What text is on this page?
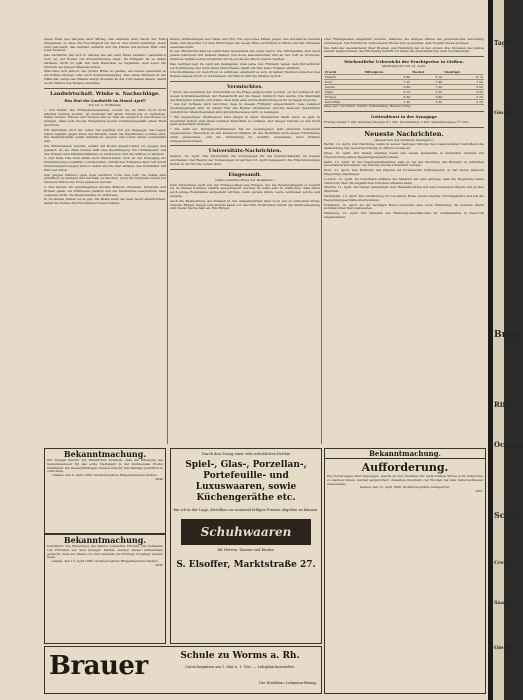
einen Theil des Sargens über Mittag, den anderen über Nacht der Erde übergeben, so dass die Feuchtigkeit bis tief in den Grund eindringt. Dann wird gelockert, das Unkraut entfernt und die Fläche mit kurzem Mist oder Laub bedeckt.
Das Verfahren hat sich in Gärten wie auf dem Felde bewährt, namentlich dort, wo der Boden zur Krustenbildung neigt. Im Frühjahr ist es daher rathsam, nicht zu spät mit dem Behacken zu beginnen, weil sonst die Wurzeln der jungen Pflanzen leiden.
Man hüte sich jedoch, bei großer Hitze zu gießen; am besten geschieht es am frühen Morgen oder nach Sonnenuntergang. Wer einen Brunnen in der Nähe hat, möge das Wasser einige Stunden an der Luft stehen lassen, damit es die Wärme des Bodens annehme.
Landwirtschaft. Winke u. Nachschläge.
Was thut der Landwirth im Monat April?
Von Dr. A. Hoffmann.
1. Die Felder. Die Frühjahrsbestellung, soweit sie im März noch nicht erledigt werden konnte, ist nunmehr mit allem Nachdruck zu betreiben. Hafer, Gerste, Erbsen und Wicken sind so früh als möglich in den Boden zu bringen, denn jede Woche Verspätung kostet erfahrungsgemäß einen Theil der Ernte.
Für Kartoffeln wird der Acker tief gepflügt und gut abgeeggt; das Legen selbst beginnt gegen Ende des Monats, wenn die Nachtfröste vorüber sind. Die Saatkartoffeln sollen mittelgroß, gesund und schon etwas vorgekeimt sein.
Die Wintersaaten werden, sobald der Boden abgetrocknet ist, geeggt und gewalzt; wo sie dünn stehen, hilft eine Kopfdüngung mit Chilisalpeter. Auf den Wiesen sind Maulwurfshaufen zu zerstreuen und die Gräben zu räumen.
2. Der Stall. Das Vieh erhält noch Winterfutter, doch ist der Übergang zur Grünfütterung sorgfältig vorzubereiten. Plötzlicher Futterwechsel ruft leicht Verdauungsstörungen hervor, daher mische man anfangs das Grünfutter mit Heu und Stroh.
Den jungen Kälbern gebe man reichlich Licht und Luft; die Ställe sind gründlich zu reinigen und mit Kalk zu tünchen. Auch die Schweine sollen bei warmem Wetter ins Freie gelassen werden.
3. Der Garten. Im Gemüsegarten werden Möhren, Zwiebeln, Petersilie und Erbsen gesät, die Frühbeete gelüftet und die Obstbäume beschnitten. Man vergesse nicht, die Raupennester zu entfernen.
In trockenen Jahren ist es gut, die Beete nach der Saat leicht anzudrücken, damit die Samen die Feuchtigkeit besser halten.
Kleine Mittheilungen aus Haus und Hof. Ein erprobtes Mittel gegen den Kornwurm besteht darin, den Speicher vor dem Einbringen der neuen Ernte gründlich zu lüften und mit Schwefel auszuräuchern.
In der Milchwirtschaft ist peinlichste Sauberkeit das erste Gebot. Die Milchgefäße sind nach jedem Gebrauch mit heißem Wasser und Soda auszuwaschen und an der Luft zu trocknen; hölzerne Gefäße sollen möglichst durch solche aus Blech ersetzt werden.
Das Geflügel legt im April am fleißigsten; man gebe den Hühnern neben dem Körnerfutter auch Grünzeug und zerstoßene Eierschalen, damit die Eier feste Schalen erhalten.
Um Obstbäume vor dem Frost zu schützen, empfiehlt es sich, in kalten Nächten zwischen den Reihen nasses Stroh zu verbrennen; der Rauch hält die Wärme zurück.
Vermischtes.
* Unter den Gelehrten der Universität ist die Frage aufgeworfen worden, ob der Gebrauch der neuen Schreibmaschinen der Handschrift auf die Dauer Abbruch thun werde. Die Mehrzahl der Befragten äußerte sich dahin, dass man eine solche Befürchtung nicht zu hegen brauche.
* Aus der Schweiz wird berichtet, dass in diesem Frühjahr ungewöhnlich viele Lawinen niedergegangen sind. In einem Thal des Berner Oberlandes wurden mehrere Sennhütten verschüttet; Menschenleben sind glücklicherweise nicht zu beklagen.
* Ein eigenartiger Wettbewerb fand jüngst in einer rheinischen Stadt statt: es galt, in möglichst kurzer Zeit einen Zentner Kartoffeln zu schälen. Der Sieger brachte es auf nicht ganz anderthalb Stunden.
* Die Zahl der Fernsprechteilnehmer hat im vergangenen Jahr abermals bedeutend zugenommen. Besonders in den kleineren Städten ist das Bedürfnis nach dieser Einrichtung stark gewachsen, und die Verwaltung ist bemüht, demselben nach Kräften entgegenzukommen.
Universitäts-Nachrichten.
Gießen, 10. April. Das Verzeichnis der Vorlesungen für das Sommerhalbjahr ist soeben erschienen. Der Beginn der Vorlesungen ist auf den 23. April festgesetzt; die Einschreibungen finden in der Woche vorher statt.
Eingesandt.
(Ohne Verantwortung der Redaktion.)
Dem Vernehmen nach soll der Fußweg längs des Flusses, der bei Spaziergängern so beliebt ist, in diesem Sommer endlich ausgebessert werden. Es wäre sehr zu wünschen, dass dabei auch einige Ruhebänke aufgestellt würden, denn gerade ältere Leute vermissen solche seit langem.
Auch die Beleuchtung der Straßen in den Außenbezirken lässt noch viel zu wünschen übrig; manche Bürger wagen sich abends kaum vor die Thür. Hoffentlich nimmt die Stadtverwaltung sich dieser Sache bald an. Ein Bürger.
oder Flüssigkeiten eingeführt werden, während die übrigen Waren der gewöhnlichen Verzollung unterliegen. Die Einfuhr im verflossenen Monat war gegenüber dem Vorjahr etwas geringer.
Die Zahl der Auswanderer über Bremen und Hamburg hat in den ersten drei Monaten des Jahres wieder abgenommen; der Rückgang betrifft vor allem die Auswanderung nach Nordamerika.
Wöchentliche Uebersicht der Fruchtpreise in Gießen.
Marktbericht vom 12. April.
Frucht	Mittelpreis	Höchst	Niedrigst
Weizen	8 90	9 10	8 70
Korn	7 20	7 40	7 00
Gerste	6 80	7 00	6 60
Hafer	6 10	6 30	5 90
Erbsen	9 50	9 80	9 20
Kartoffeln	2 40	2 60	2 20
Alles per 100 Pfund. Zufuhr mittelmäßig, Handel ruhig.
Gottesdienst in der Synagoge
Freitag Abend 7 Uhr. Samstag Morgen 8½ Uhr. Nachmittags 3 Uhr. Sabbatausgang 7¾ Uhr.
Neueste Nachrichten.
(Depeschen des Gießener Anzeigers.)
Berlin, 12. April. Der Reichstag nahm in seiner heutigen Sitzung den Gesetzentwurf betreffend die Abänderung der Gewerbeordnung in dritter Lesung an.
Wien, 12. April. Der Kaiser empfing heute den neuen Gesandten in feierlicher Audienz zur Überreichung seines Beglaubigungsschreibens.
Paris, 12. April. In der Deputiertenkammer kam es bei der Beratung des Budgets zu lebhaften Auseinandersetzungen; die Sitzung wurde schließlich vertagt.
Rom, 11. April. Das Befinden des Papstes ist fortdauernd befriedigend; er hat heute mehrere Pilgerzüge empfangen.
London, 12. April. Im Unterhaus erklärte der Minister auf eine Anfrage, dass die Regierung keine Nachricht über die angeblichen Unruhen erhalten habe.
Madrid, 11. April. Der Senat genehmigte den Handelsvertrag mit dem Deutschen Reiche mit großer Mehrheit.
Darmstadt, 12. April. Der Großherzog ist von seiner Reise wieder hierher zurückgekehrt und hat die Regierungsgeschäfte übernommen.
Frankfurt, 12. April. An der heutigen Börse herrschte eine feste Stimmung; die meisten Werte konnten ihren Kurs behaupten.
Hamburg, 12. April. Der Dampfer der Hamburg-Amerika-Linie ist wohlbehalten in New-York angekommen.
Bekanntmachung.
Wir bringen hiermit zur öffentlichen Kenntnis, dass die Erhebung der Gemeindesteuer für das erste Vierteljahr in der kommenden Woche stattfindet. Die Steuerpflichtigen werden ersucht, ihre Beträge pünktlich zu entrichten.
Gießen, den 9. April 1889. Großherzogliche Bürgermeisterei Gießen.
2840
Bekanntmachung.
betreffend: Die Einsetzung des Kaufes verkaufter Früchte. Die Verkäufer von Früchten auf dem hiesigen Markte werden darauf aufmerksam gemacht, dass die Waare vor dem Verkaufe zur Prüfung vorgelegt werden muss.
Gießen, den 13. April 1889. Großherzogliche Bürgermeisterei Gießen.
2845
Brauer	Schule zu Worms a. Rh.
Curse beginnen am 1. Mai u. 1. Nov. — Lehrplan kostenfrei.
Die Direktion: Lehmann-Beinig.
Durch den Zuzug einer sehr erheblichen Parthie
Spiel-, Glas-, Porzellan-, Portefeuille- und Luxuswaaren, sowie Küchengeräthe etc.
bin ich in der Lage, dieselben zu staunend billigen Preisen abgeben zu können.
Schuhwaaren
für Herren, Damen und Kinder.
S. Elsoffer, Marktstraße 27.
Bekanntmachung.
Aufforderung.
Die Forderungen aller diejenigen, welche an den Nachlass der verstorbenen Witwe noch Ansprüche zu machen haben, werden aufgefordert, dieselben innerhalb vier Wochen bei dem Unterzeichneten anzumelden.
Gießen, den 13. April 1889. Großherzogliches Amtsgericht.
2807
Tages
Gießen
Bren
Riff
Ochsen
Schol
Crew
Saal
Gieße
